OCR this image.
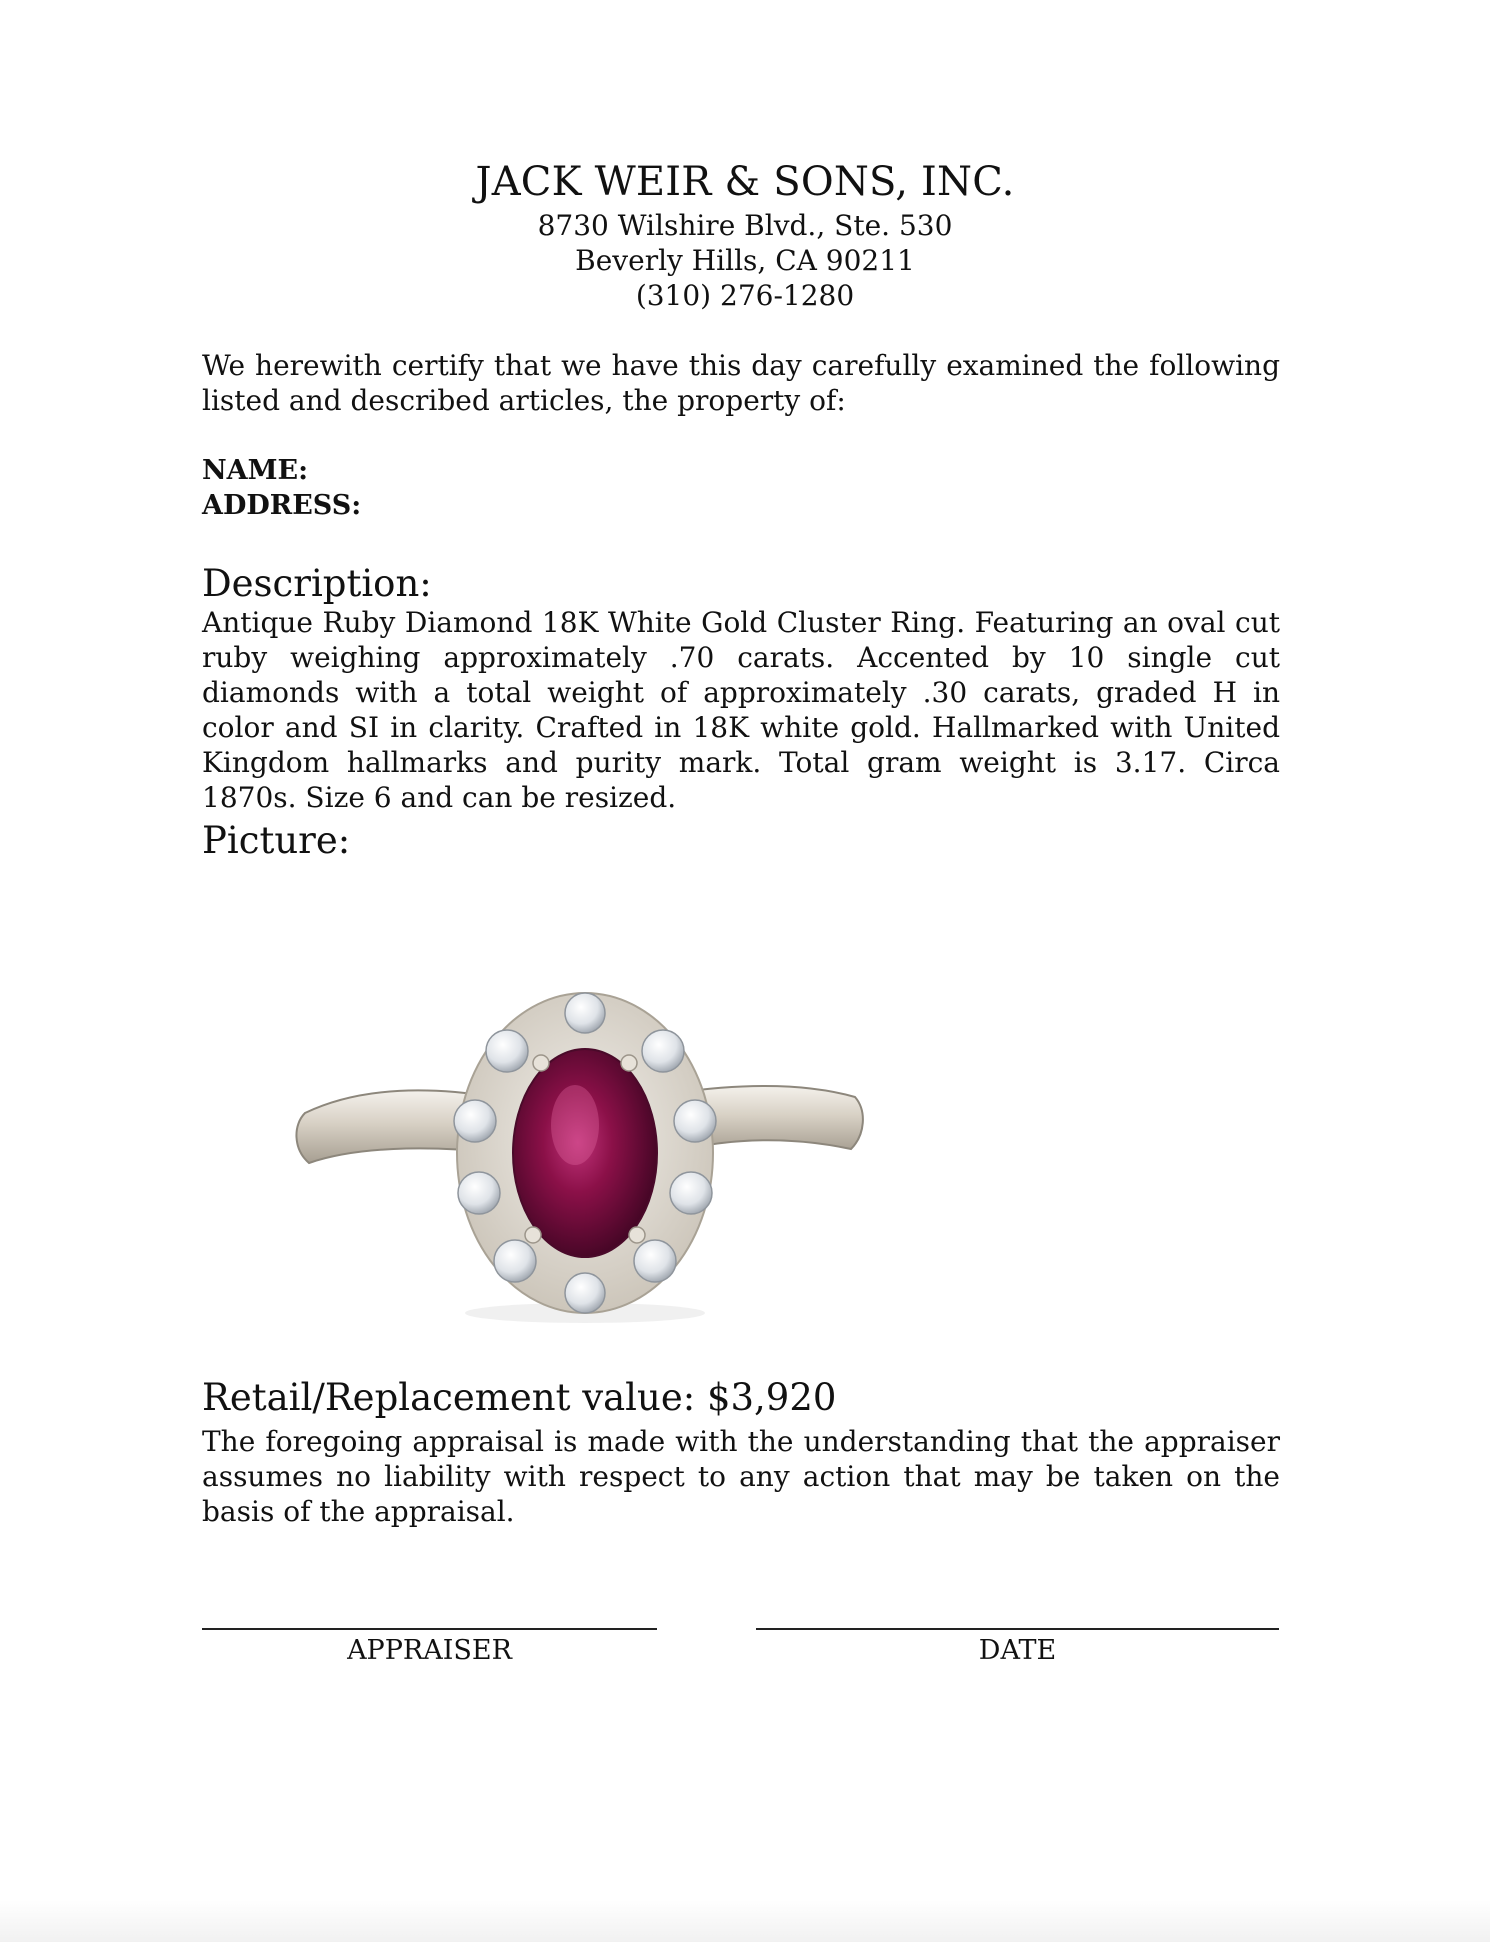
JACK WEIR & SONS, INC.
8730 Wilshire Blvd., Ste. 530
Beverly Hills, CA 90211
(310) 276-1280
We herewith certify that we have this day carefully examined the following listed and described articles, the property of:
NAME:
ADDRESS:
Description:
Antique Ruby Diamond 18K White Gold Cluster Ring. Featuring an oval cut ruby weighing approximately .70 carats. Accented by 10 single cut diamonds with a total weight of approximately .30 carats, graded H in color and SI in clarity. Crafted in 18K white gold. Hallmarked with United Kingdom hallmarks and purity mark. Total gram weight is 3.17. Circa 1870s. Size 6 and can be resized.
Picture:
Retail/Replacement value: $3,920
The foregoing appraisal is made with the understanding that the appraiser assumes no liability with respect to any action that may be taken on the basis of the appraisal.
APPRAISER	DATE
